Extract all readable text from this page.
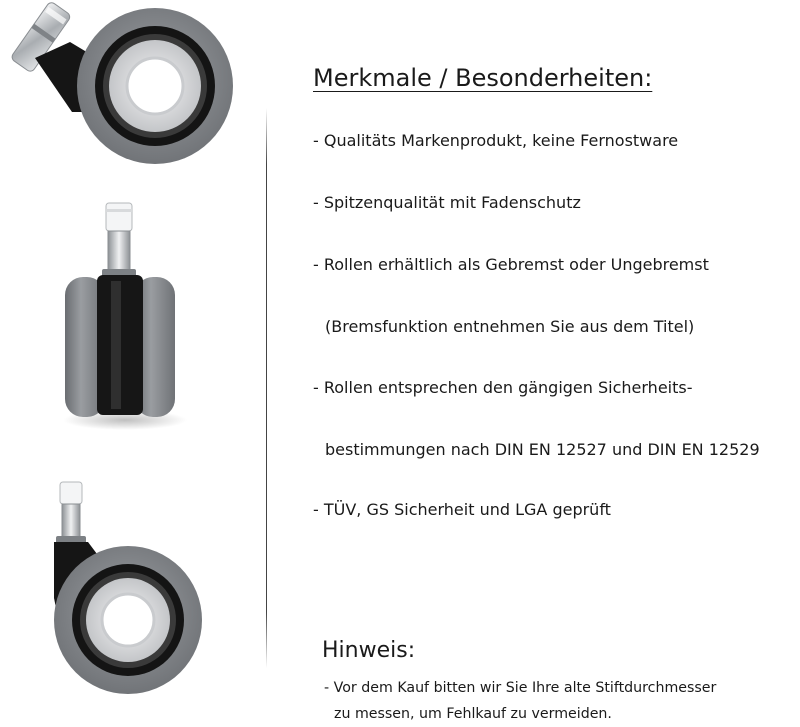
Merkmale / Besonderheiten:
- Qualitäts Markenprodukt, keine Fernostware
- Spitzenqualität mit Fadenschutz
- Rollen erhältlich als Gebremst oder Ungebremst
(Bremsfunktion entnehmen Sie aus dem Titel)
- Rollen entsprechen den gängigen Sicherheits-
bestimmungen nach DIN EN 12527 und DIN EN 12529
- TÜV, GS Sicherheit und LGA geprüft
Hinweis:
- Vor dem Kauf bitten wir Sie Ihre alte Stiftdurchmesser
zu messen, um Fehlkauf zu vermeiden.
